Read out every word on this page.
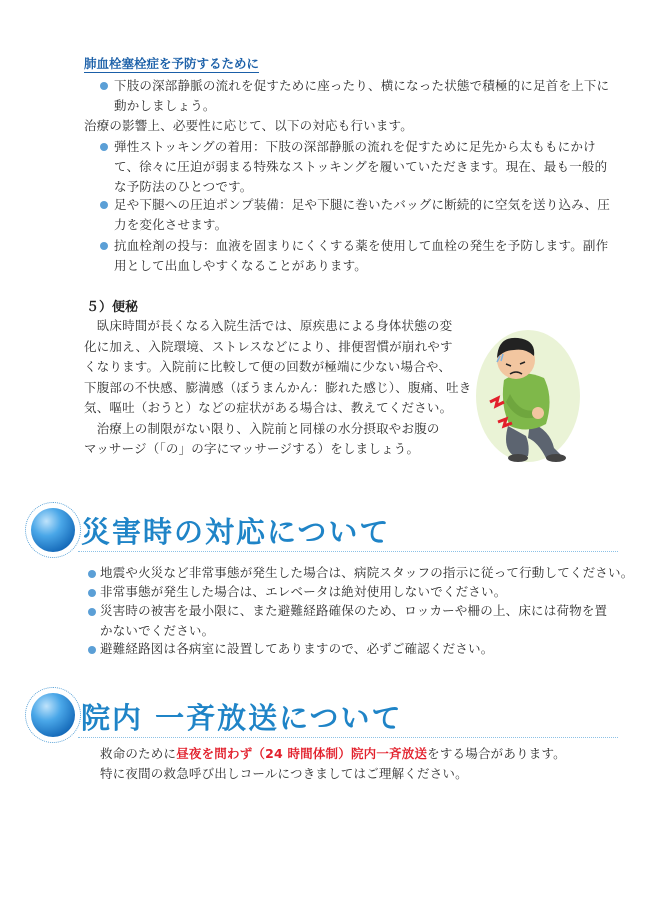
肺血栓塞栓症を予防するために
下肢の深部静脈の流れを促すために座ったり、横になった状態で積極的に足首を上下に
動かしましょう。
治療の影響上、必要性に応じて、以下の対応も行います。
弾性ストッキングの着用：下肢の深部静脈の流れを促すために足先から太ももにかけ
て、徐々に圧迫が弱まる特殊なストッキングを履いていただきます。現在、最も一般的
な予防法のひとつです。
足や下腿への圧迫ポンプ装備：足や下腿に巻いたバッグに断続的に空気を送り込み、圧
力を変化させます。
抗血栓剤の投与：血液を固まりにくくする薬を使用して血栓の発生を予防します。副作
用として出血しやすくなることがあります。
５）便秘
　臥床時間が長くなる入院生活では、原疾患による身体状態の変
化に加え、入院環境、ストレスなどにより、排便習慣が崩れやす
くなります。入院前に比較して便の回数が極端に少ない場合や、
下腹部の不快感、膨満感（ぼうまんかん：膨れた感じ）、腹痛、吐き
気、嘔吐（おうと）などの症状がある場合は、教えてください。
　治療上の制限がない限り、入院前と同様の水分摂取やお腹の
マッサージ（「の」の字にマッサージする）をしましょう。
災害時の対応について
地震や火災など非常事態が発生した場合は、病院スタッフの指示に従って行動してください。
非常事態が発生した場合は、エレベータは絶対使用しないでください。
災害時の被害を最小限に、また避難経路確保のため、ロッカーや柵の上、床には荷物を置
かないでください。
避難経路図は各病室に設置してありますので、必ずご確認ください。
院内 一斉放送について
救命のために昼夜を問わず（24 時間体制）院内一斉放送をする場合があります。
特に夜間の救急呼び出しコールにつきましてはご理解ください。
